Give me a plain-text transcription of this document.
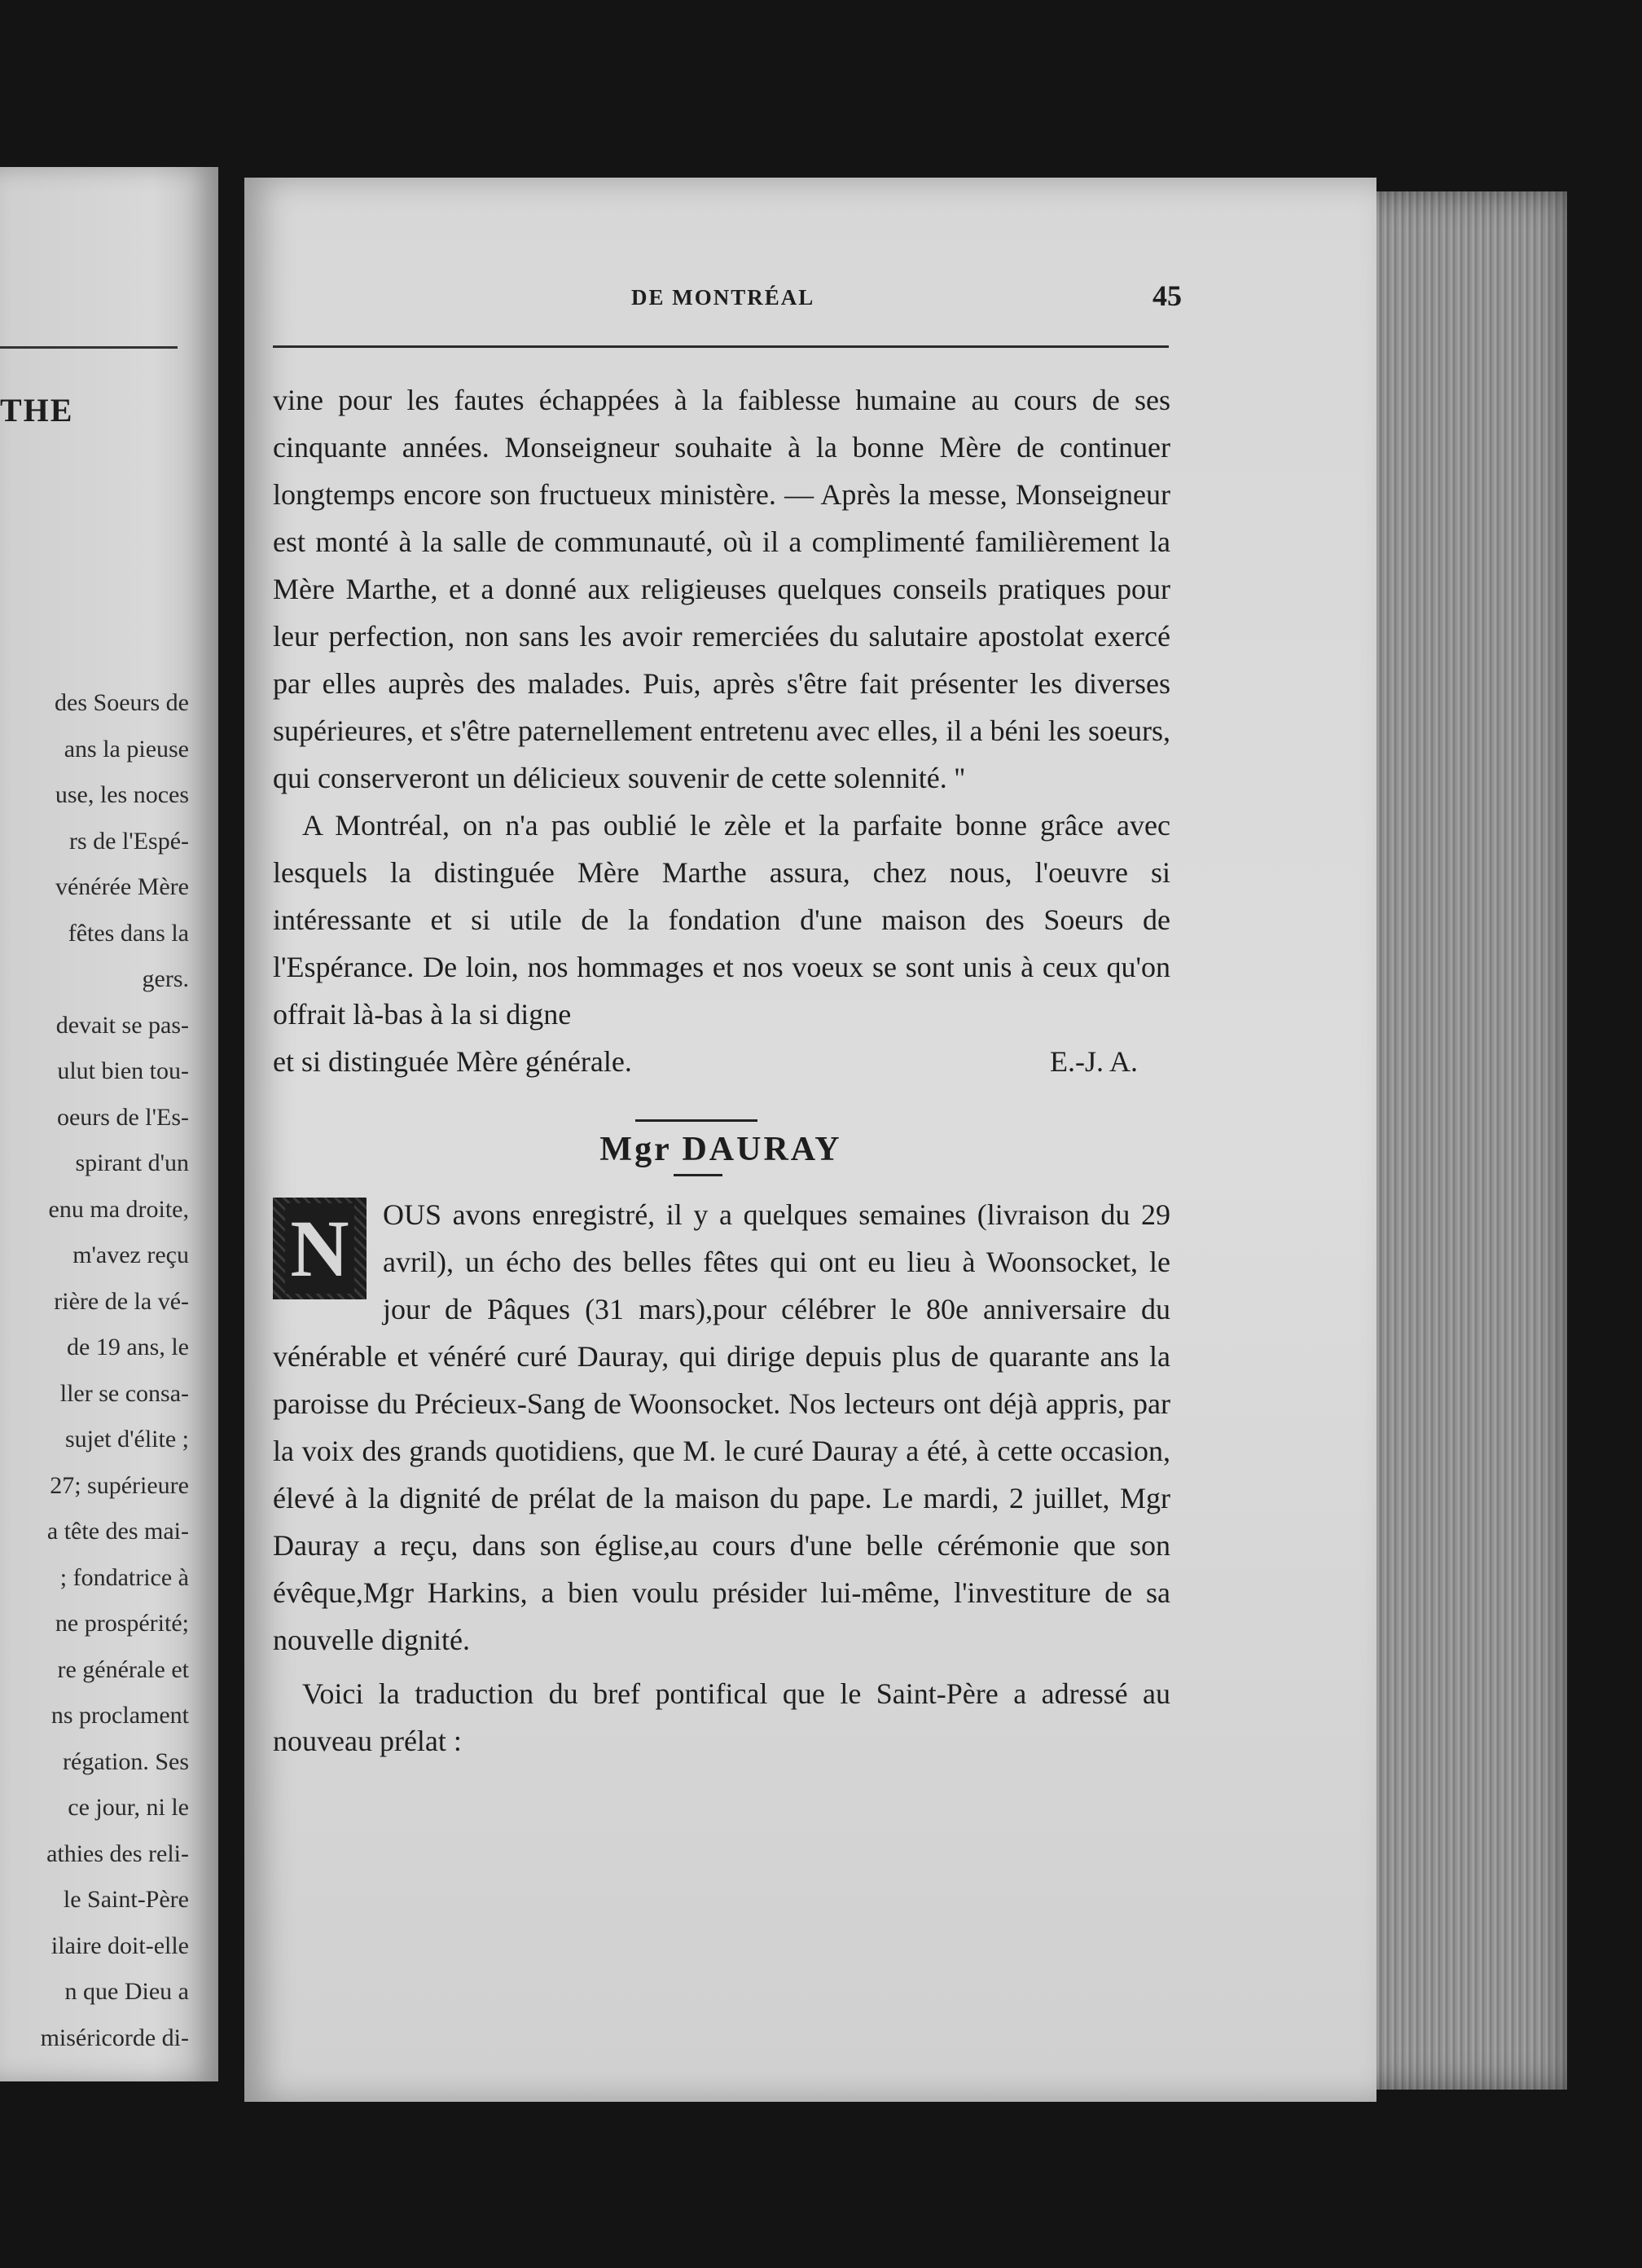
THE
des Soeurs de
ans la pieuse
use, les noces
rs de l'Espé-
vénérée Mère
fêtes dans la
gers.
devait se pas-
ulut bien tou-
oeurs de l'Es-
spirant d'un
enu ma droite,
m'avez reçu
rière de la vé-
de 19 ans, le
ller se consa-
sujet d'élite ;
27; supérieure
a tête des mai-
; fondatrice à
ne prospérité;
re générale et
ns proclament
régation. Ses
ce jour, ni le
athies des reli-
le Saint-Père
ilaire doit-elle
n que Dieu a
miséricorde di-
DE MONTRÉAL	45

vine pour les fautes échappées à la faiblesse humaine au cours de ses cinquante années. Monseigneur souhaite à la bonne Mère de continuer longtemps encore son fructueux ministère. — Après la messe, Monseigneur est monté à la salle de communauté, où il a complimenté familièrement la Mère Marthe, et a donné aux religieuses quelques conseils pratiques pour leur perfection, non sans les avoir remerciées du salutaire apostolat exercé par elles auprès des malades. Puis, après s'être fait présenter les diverses supérieures, et s'être paternellement entretenu avec elles, il a béni les soeurs, qui conserveront un délicieux souvenir de cette solennité. ''

A Montréal, on n'a pas oublié le zèle et la parfaite bonne grâce avec lesquels la distinguée Mère Marthe assura, chez nous, l'oeuvre si intéressante et si utile de la fondation d'une maison des Soeurs de l'Espérance. De loin, nos hommages et nos voeux se sont unis à ceux qu'on offrait là-bas à la si digne

et si distinguée Mère générale.	E.-J. A.
Mgr DAURAY
N	OUS avons enregistré, il y a quelques semaines (livraison du 29 avril), un écho des belles fêtes qui ont eu lieu à Woonsocket, le jour de Pâques (31 mars),pour célébrer le 80e anniversaire du vénérable et vénéré curé Dauray, qui dirige depuis plus de quarante ans la paroisse du Précieux-Sang de Woonsocket. Nos lecteurs ont déjà appris, par la voix des grands quotidiens, que M. le curé Dauray a été, à cette occasion, élevé à la dignité de prélat de la maison du pape. Le mardi, 2 juillet, Mgr Dauray a reçu, dans son église,au cours d'une belle cérémonie que son évêque,Mgr Harkins, a bien voulu présider lui-même, l'investiture de sa nouvelle dignité.

Voici la traduction du bref pontifical que le Saint-Père a adressé au nouveau prélat :
